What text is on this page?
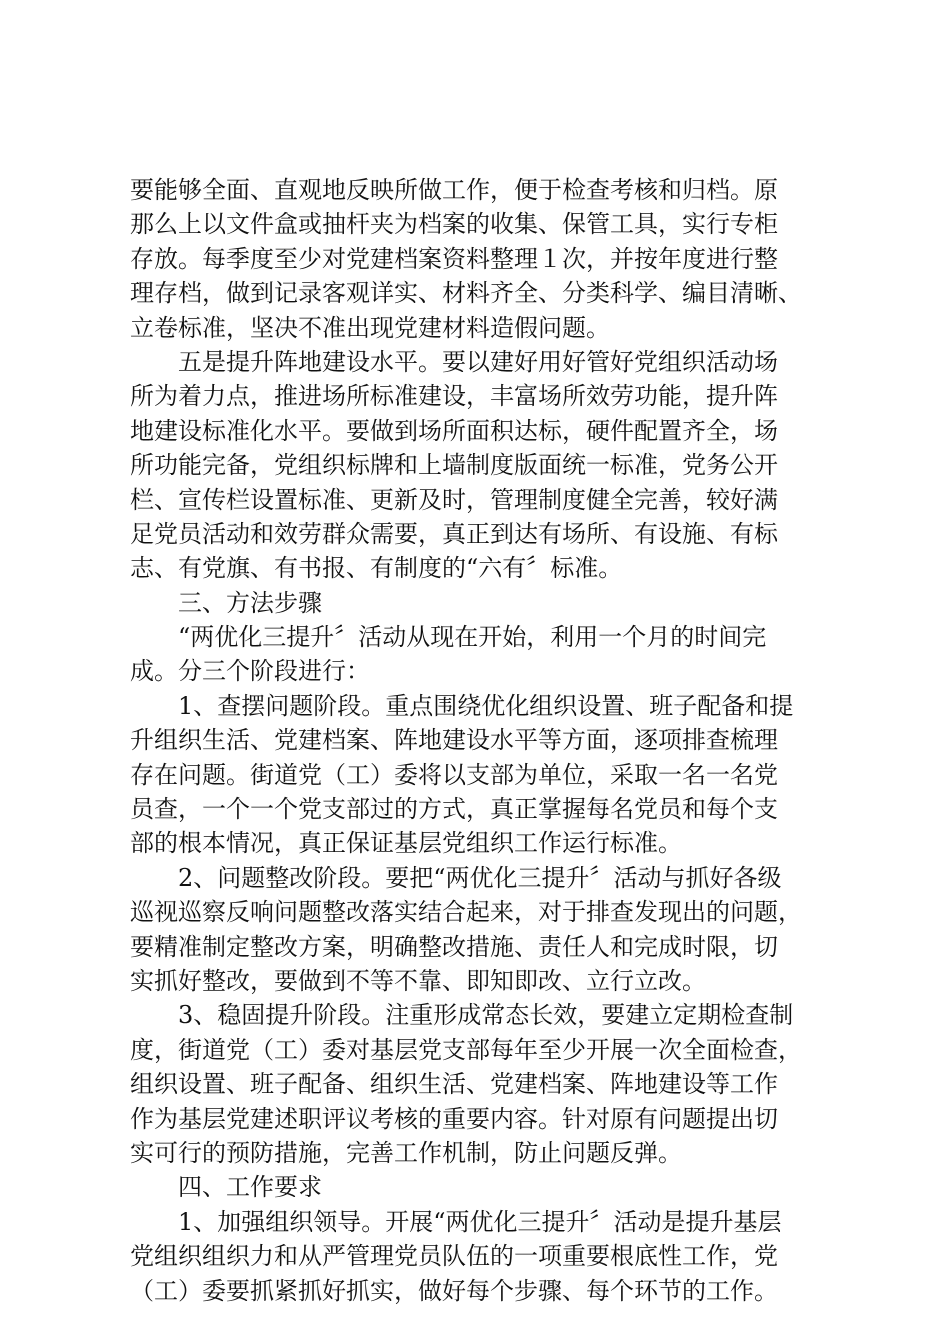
要能够全面、直观地反映所做工作，便于检查考核和归档。原
那么上以文件盒或抽杆夹为档案的收集、保管工具，实行专柜
存放。每季度至少对党建档案资料整理１次，并按年度进行整
理存档，做到记录客观详实、材料齐全、分类科学、编目清晰、
立卷标准，坚决不准出现党建材料造假问题。
五是提升阵地建设水平。要以建好用好管好党组织活动场
所为着力点，推进场所标准建设，丰富场所效劳功能，提升阵
地建设标准化水平。要做到场所面积达标，硬件配置齐全，场
所功能完备，党组织标牌和上墙制度版面统一标准，党务公开
栏、宣传栏设置标准、更新及时，管理制度健全完善，较好满
足党员活动和效劳群众需要，真正到达有场所、有设施、有标
志、有党旗、有书报、有制度的“六有〞标准。
三、方法步骤
“两优化三提升〞活动从现在开始，利用一个月的时间完
成。分三个阶段进行：
1、查摆问题阶段。重点围绕优化组织设置、班子配备和提
升组织生活、党建档案、阵地建设水平等方面，逐项排查梳理
存在问题。街道党（工）委将以支部为单位，采取一名一名党
员查，一个一个党支部过的方式，真正掌握每名党员和每个支
部的根本情况，真正保证基层党组织工作运行标准。
2、问题整改阶段。要把“两优化三提升〞活动与抓好各级
巡视巡察反响问题整改落实结合起来，对于排查发现出的问题，
要精准制定整改方案，明确整改措施、责任人和完成时限，切
实抓好整改，要做到不等不靠、即知即改、立行立改。
3、稳固提升阶段。注重形成常态长效，要建立定期检查制
度，街道党（工）委对基层党支部每年至少开展一次全面检查，
组织设置、班子配备、组织生活、党建档案、阵地建设等工作
作为基层党建述职评议考核的重要内容。针对原有问题提出切
实可行的预防措施，完善工作机制，防止问题反弹。
四、工作要求
1、加强组织领导。开展“两优化三提升〞活动是提升基层
党组织组织力和从严管理党员队伍的一项重要根底性工作，党
（工）委要抓紧抓好抓实，做好每个步骤、每个环节的工作。
